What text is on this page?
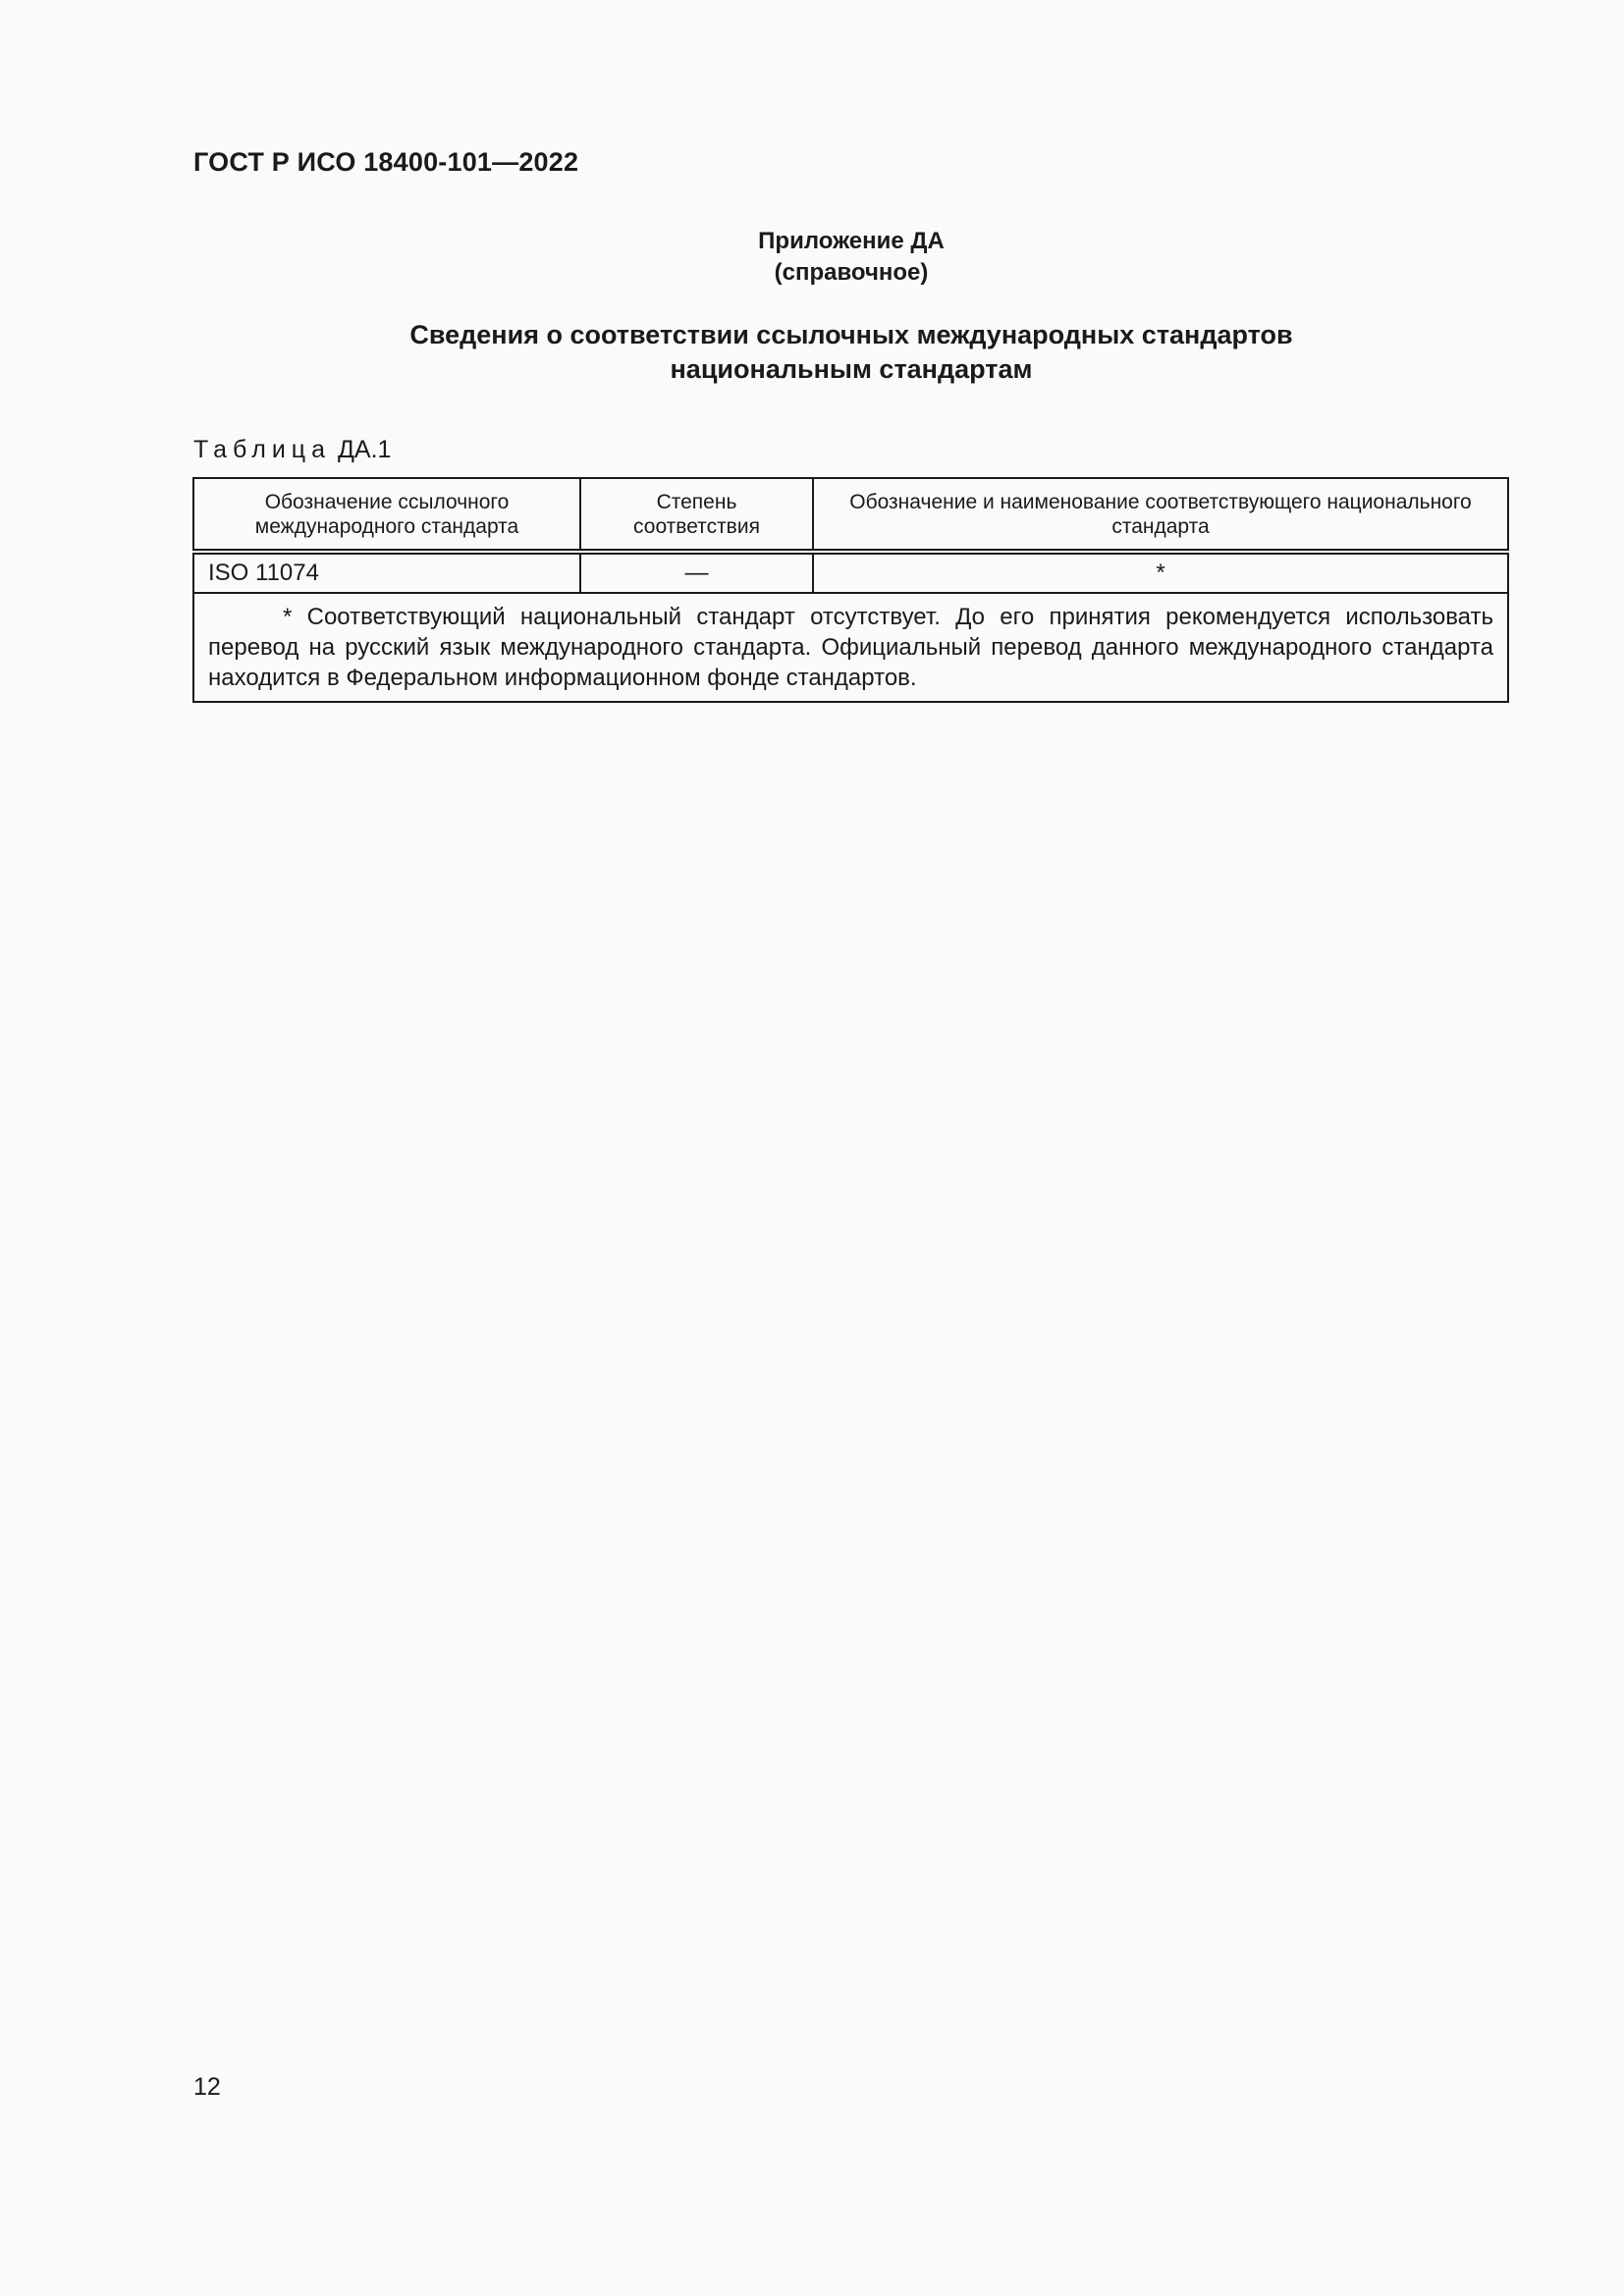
ГОСТ Р ИСО 18400-101—2022
Приложение ДА
(справочное)
Сведения о соответствии ссылочных международных стандартов
национальным стандартам
Таблица ДА.1
Обозначение ссылочного международного стандарта	Степень соответствия	Обозначение и наименование соответствующего национального стандарта
ISO 11074	—	*
* Соответствующий национальный стандарт отсутствует. До его принятия рекомендуется использовать перевод на русский язык международного стандарта. Официальный перевод данного международного стандарта находится в Федеральном информационном фонде стандартов.		
12
